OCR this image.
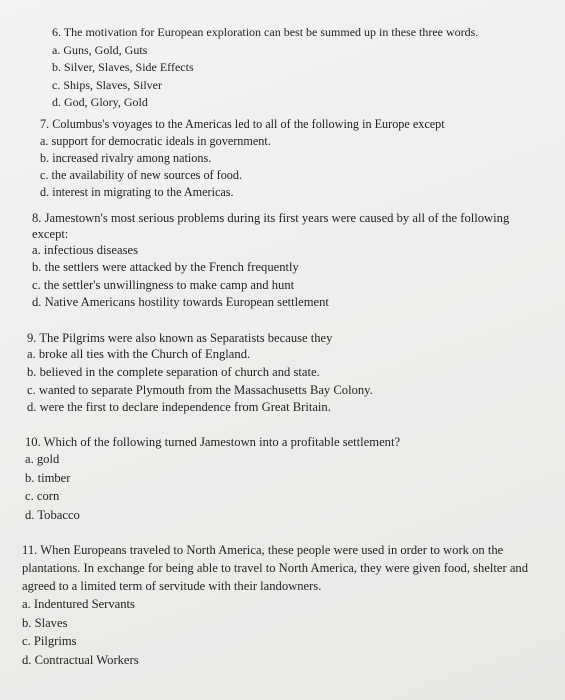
6. The motivation for European exploration can best be summed up in these three words.

a. Guns, Gold, Guts

b. Silver, Slaves, Side Effects

c. Ships, Slaves, Silver

d. God, Glory, Gold

7. Columbus's voyages to the Americas led to all of the following in Europe except

a. support for democratic ideals in government.

b. increased rivalry among nations.

c. the availability of new sources of food.

d. interest in migrating to the Americas.

8. Jamestown's most serious problems during its first years were caused by all of the following except:

a. infectious diseases

b. the settlers were attacked by the French frequently

c. the settler's unwillingness to make camp and hunt

d. Native Americans hostility towards European settlement

9. The Pilgrims were also known as Separatists because they

a. broke all ties with the Church of England.

b. believed in the complete separation of church and state.

c. wanted to separate Plymouth from the Massachusetts Bay Colony.

d. were the first to declare independence from Great Britain.

10. Which of the following turned Jamestown into a profitable settlement?

a. gold

b. timber

c. corn

d. Tobacco

11. When Europeans traveled to North America, these people were used in order to work on the plantations. In exchange for being able to travel to North America, they were given food, shelter and agreed to a limited term of servitude with their landowners.

a. Indentured Servants

b. Slaves

c. Pilgrims

d. Contractual Workers
